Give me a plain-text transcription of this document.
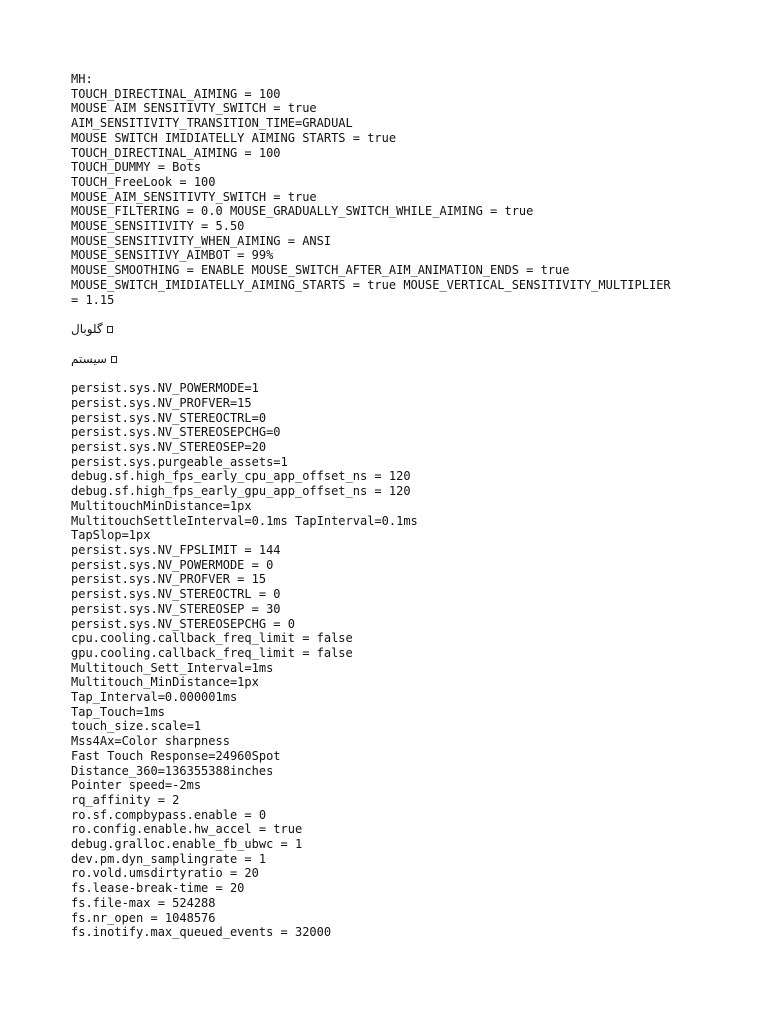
MH:
TOUCH_DIRECTINAL_AIMING = 100
MOUSE AIM SENSITIVTY_SWITCH = true
AIM_SENSITIVITY_TRANSITION_TIME=GRADUAL
MOUSE SWITCH IMIDIATELLY AIMING STARTS = true
TOUCH_DIRECTINAL_AIMING = 100
TOUCH_DUMMY = Bots
TOUCH_FreeLook = 100
MOUSE_AIM_SENSITIVTY_SWITCH = true
MOUSE_FILTERING = 0.0 MOUSE_GRADUALLY_SWITCH_WHILE_AIMING = true
MOUSE_SENSITIVITY = 5.50
MOUSE_SENSITIVITY_WHEN_AIMING = ANSI
MOUSE_SENSITIVY_AIMBOT = 99%
MOUSE_SMOOTHING = ENABLE MOUSE_SWITCH_AFTER_AIM_ANIMATION_ENDS = true
MOUSE_SWITCH_IMIDIATELLY_AIMING_STARTS = true MOUSE_VERTICAL_SENSITIVITY_MULTIPLIER
= 1.15
گلوبال
سیستم
persist.sys.NV_POWERMODE=1
persist.sys.NV_PROFVER=15
persist.sys.NV_STEREOCTRL=0
persist.sys.NV_STEREOSEPCHG=0
persist.sys.NV_STEREOSEP=20
persist.sys.purgeable_assets=1
debug.sf.high_fps_early_cpu_app_offset_ns = 120
debug.sf.high_fps_early_gpu_app_offset_ns = 120
MultitouchMinDistance=1px
MultitouchSettleInterval=0.1ms TapInterval=0.1ms
TapSlop=1px
persist.sys.NV_FPSLIMIT = 144
persist.sys.NV_POWERMODE = 0
persist.sys.NV_PROFVER = 15
persist.sys.NV_STEREOCTRL = 0
persist.sys.NV_STEREOSEP = 30
persist.sys.NV_STEREOSEPCHG = 0
cpu.cooling.callback_freq_limit = false
gpu.cooling.callback_freq_limit = false
Multitouch_Sett_Interval=1ms
Multitouch_MinDistance=1px
Tap_Interval=0.000001ms
Tap_Touch=1ms
touch_size.scale=1
Mss4Ax=Color sharpness
Fast Touch Response=24960Spot
Distance_360=136355388inches
Pointer speed=-2ms
rq_affinity = 2
ro.sf.compbypass.enable = 0
ro.config.enable.hw_accel = true
debug.gralloc.enable_fb_ubwc = 1
dev.pm.dyn_samplingrate = 1
ro.vold.umsdirtyratio = 20
fs.lease-break-time = 20
fs.file-max = 524288
fs.nr_open = 1048576
fs.inotify.max_queued_events = 32000
